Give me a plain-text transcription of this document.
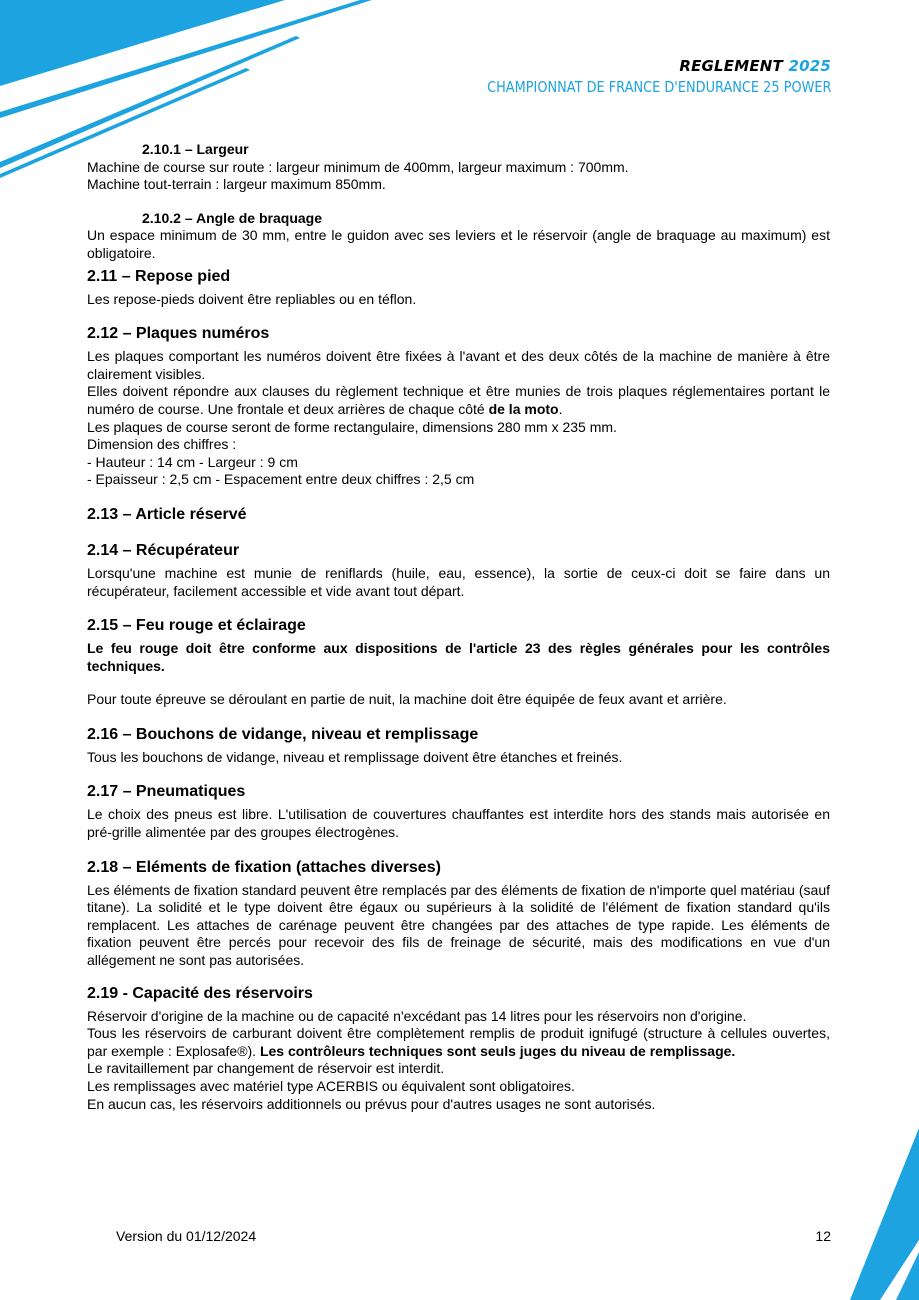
REGLEMENT 2025
CHAMPIONNAT DE FRANCE D'ENDURANCE 25 POWER

2.10.1 – Largeur

Machine de course sur route : largeur minimum de 400mm, largeur maximum : 700mm.

Machine tout-terrain : largeur maximum 850mm.

2.10.2 – Angle de braquage

Un espace minimum de 30 mm, entre le guidon avec ses leviers et le réservoir (angle de braquage au maximum) est obligatoire.

2.11 – Repose pied

Les repose-pieds doivent être repliables ou en téflon.

2.12 – Plaques numéros

Les plaques comportant les numéros doivent être fixées à l'avant et des deux côtés de la machine de manière à être clairement visibles.

Elles doivent répondre aux clauses du règlement technique et être munies de trois plaques réglementaires portant le numéro de course. Une frontale et deux arrières de chaque côté de la moto.

Les plaques de course seront de forme rectangulaire, dimensions 280 mm x 235 mm.

Dimension des chiffres :

- Hauteur : 14 cm - Largeur : 9 cm

- Epaisseur : 2,5 cm - Espacement entre deux chiffres : 2,5 cm

2.13 – Article réservé

2.14 – Récupérateur

Lorsqu'une machine est munie de reniflards (huile, eau, essence), la sortie de ceux-ci doit se faire dans un récupérateur, facilement accessible et vide avant tout départ.

2.15 – Feu rouge et éclairage

Le feu rouge doit être conforme aux dispositions de l'article 23 des règles générales pour les contrôles techniques.

Pour toute épreuve se déroulant en partie de nuit, la machine doit être équipée de feux avant et arrière.

2.16 – Bouchons de vidange, niveau et remplissage

Tous les bouchons de vidange, niveau et remplissage doivent être étanches et freinés.

2.17 – Pneumatiques

Le choix des pneus est libre. L'utilisation de couvertures chauffantes est interdite hors des stands mais autorisée en pré-grille alimentée par des groupes électrogènes.

2.18 – Eléments de fixation (attaches diverses)

Les éléments de fixation standard peuvent être remplacés par des éléments de fixation de n'importe quel matériau (sauf titane). La solidité et le type doivent être égaux ou supérieurs à la solidité de l'élément de fixation standard qu'ils remplacent. Les attaches de carénage peuvent être changées par des attaches de type rapide. Les éléments de fixation peuvent être percés pour recevoir des fils de freinage de sécurité, mais des modifications en vue d'un allégement ne sont pas autorisées.

2.19 - Capacité des réservoirs

Réservoir d'origine de la machine ou de capacité n'excédant pas 14 litres pour les réservoirs non d'origine.

Tous les réservoirs de carburant doivent être complètement remplis de produit ignifugé (structure à cellules ouvertes, par exemple : Explosafe®). Les contrôleurs techniques sont seuls juges du niveau de remplissage.

Le ravitaillement par changement de réservoir est interdit.

Les remplissages avec matériel type ACERBIS ou équivalent sont obligatoires.

En aucun cas, les réservoirs additionnels ou prévus pour d'autres usages ne sont autorisés.

Version du 01/12/2024	12
